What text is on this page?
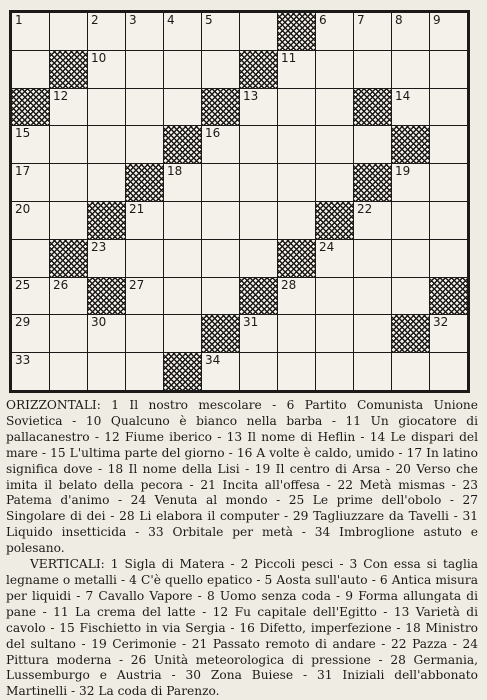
1	2	3	4	5	6	7	8	9
10	11
12	13	14
15	16
17	18	19
20	21	22
23	24
25 26	27	28
29	30	31	32
33	34

ORIZZONTALI: 1 Il nostro mescolare - 6 Partito Comunista Unione Sovietica - 10 Qualcuno è bianco nella barba - 11 Un giocatore di pallacanestro - 12 Fiume iberico - 13 Il nome di Heflin - 14 Le dispari del mare - 15 L'ultima parte del giorno - 16 A volte è caldo, umido - 17 In latino significa dove - 18 Il nome della Lisi - 19 Il centro di Arsa - 20 Verso che imita il belato della pecora - 21 Incita all'offesa - 22 Metà mismas - 23 Patema d'animo - 24 Venuta al mondo - 25 Le prime dell'obolo - 27 Singolare di dei - 28 Li elabora il computer - 29 Tagliuzzare da Tavelli - 31 Liquido insetticida - 33 Orbitale per metà - 34 Imbroglione astuto e polesano.

VERTICALI: 1 Sigla di Matera - 2 Piccoli pesci - 3 Con essa si taglia legname o metalli - 4 C'è quello epatico - 5 Aosta sull'auto - 6 Antica misura per liquidi - 7 Cavallo Vapore - 8 Uomo senza coda - 9 Forma allungata di pane - 11 La crema del latte - 12 Fu capitale dell'Egitto - 13 Varietà di cavolo - 15 Fischietto in via Sergia - 16 Difetto, imperfezione - 18 Ministro del sultano - 19 Cerimonie - 21 Passato remoto di andare - 22 Pazza - 24 Pittura moderna - 26 Unità meteorologica di pressione - 28 Germania, Lussemburgo e Austria - 30 Zona Buiese - 31 Iniziali dell'abbonato Martinelli - 32 La coda di Parenzo.
